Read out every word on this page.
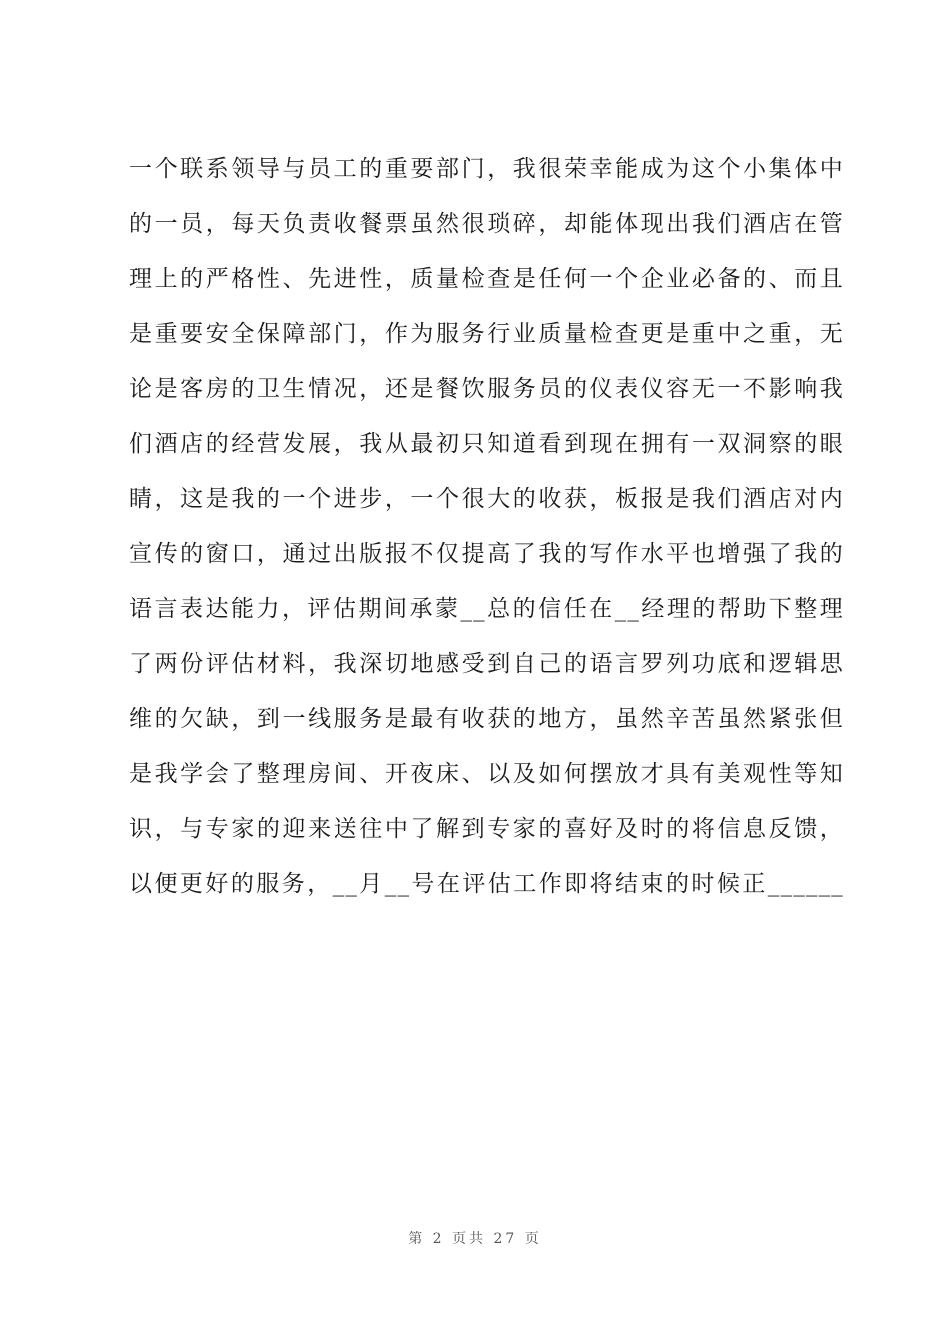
一个联系领导与员工的重要部门，我很荣幸能成为这个小集体中
的一员，每天负责收餐票虽然很琐碎，却能体现出我们酒店在管
理上的严格性、先进性，质量检查是任何一个企业必备的、而且
是重要安全保障部门，作为服务行业质量检查更是重中之重，无
论是客房的卫生情况，还是餐饮服务员的仪表仪容无一不影响我
们酒店的经营发展，我从最初只知道看到现在拥有一双洞察的眼
睛，这是我的一个进步，一个很大的收获，板报是我们酒店对内
宣传的窗口，通过出版报不仅提高了我的写作水平也增强了我的
语言表达能力，评估期间承蒙__总的信任在__经理的帮助下整理
了两份评估材料，我深切地感受到自己的语言罗列功底和逻辑思
维的欠缺，到一线服务是最有收获的地方，虽然辛苦虽然紧张但
是我学会了整理房间、开夜床、以及如何摆放才具有美观性等知
识，与专家的迎来送往中了解到专家的喜好及时的将信息反馈，
以便更好的服务，__月__号在评估工作即将结束的时候正______
第 2 页共 27 页
